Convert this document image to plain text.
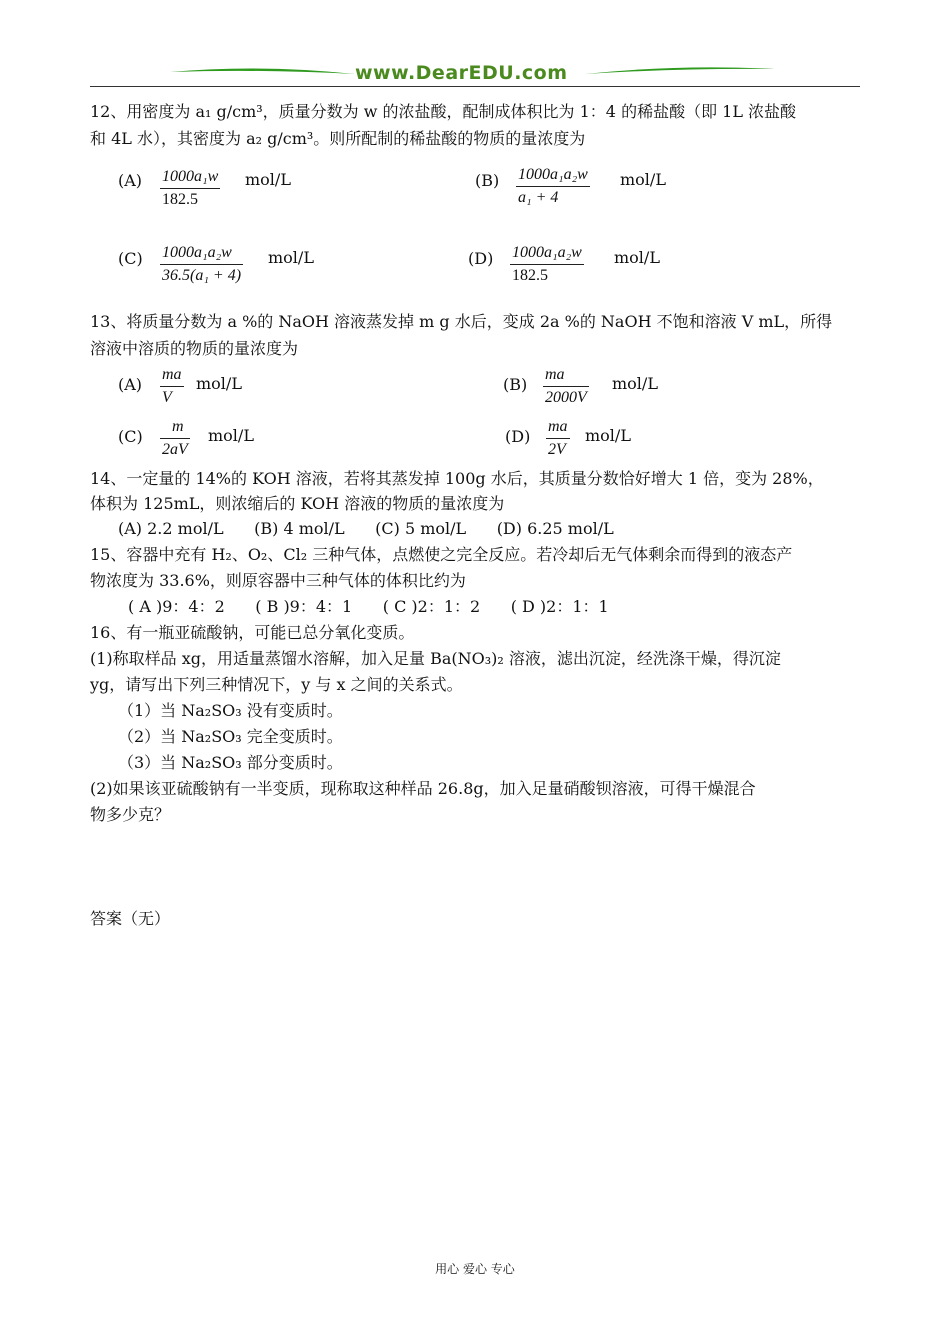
www.DearEDU.com
12、用密度为 a₁ g/cm³，质量分数为 w 的浓盐酸，配制成体积比为 1：4 的稀盐酸（即 1L 浓盐酸
和 4L 水），其密度为 a₂ g/cm³。则所配制的稀盐酸的物质的量浓度为
(A) 1000a₁w
182.5
mol/L	(B) 1000a₁a₂w
a₁ + 4
mol/L
(C) 1000a₁a₂w
36.5(a₁ + 4)
mol/L	(D) 1000a₁a₂w
182.5
mol/L
13、将质量分数为 a %的 NaOH 溶液蒸发掉 m g 水后，变成 2a %的 NaOH 不饱和溶液 V mL，所得
溶液中溶质的物质的量浓度为
(A)
ma
V
mol/L	(B)
ma
2000V
mol/L
(C)
m
2aV
mol/L	(D)
ma
2V
mol/L
14、一定量的 14%的 KOH 溶液，若将其蒸发掉 100g 水后，其质量分数恰好增大 1 倍，变为 28%，
体积为 125mL，则浓缩后的 KOH 溶液的物质的量浓度为
(A) 2.2 mol/L      (B) 4 mol/L      (C) 5 mol/L      (D) 6.25 mol/L
15、容器中充有 H₂、O₂、Cl₂ 三种气体，点燃使之完全反应。若冷却后无气体剩余而得到的液态产
物浓度为 33.6%，则原容器中三种气体的体积比约为
( A )9：4：2      ( B )9：4：1      ( C )2：1：2      ( D )2：1：1
16、有一瓶亚硫酸钠，可能已总分氧化变质。
(1)称取样品 xg，用适量蒸馏水溶解，加入足量 Ba(NO₃)₂ 溶液，滤出沉淀，经洗涤干燥，得沉淀
yg，请写出下列三种情况下，y 与 x 之间的关系式。
（1）当 Na₂SO₃ 没有变质时。
（2）当 Na₂SO₃ 完全变质时。
（3）当 Na₂SO₃ 部分变质时。
(2)如果该亚硫酸钠有一半变质，现称取这种样品 26.8g，加入足量硝酸钡溶液，可得干燥混合
物多少克？
答案（无）
用心 爱心 专心
